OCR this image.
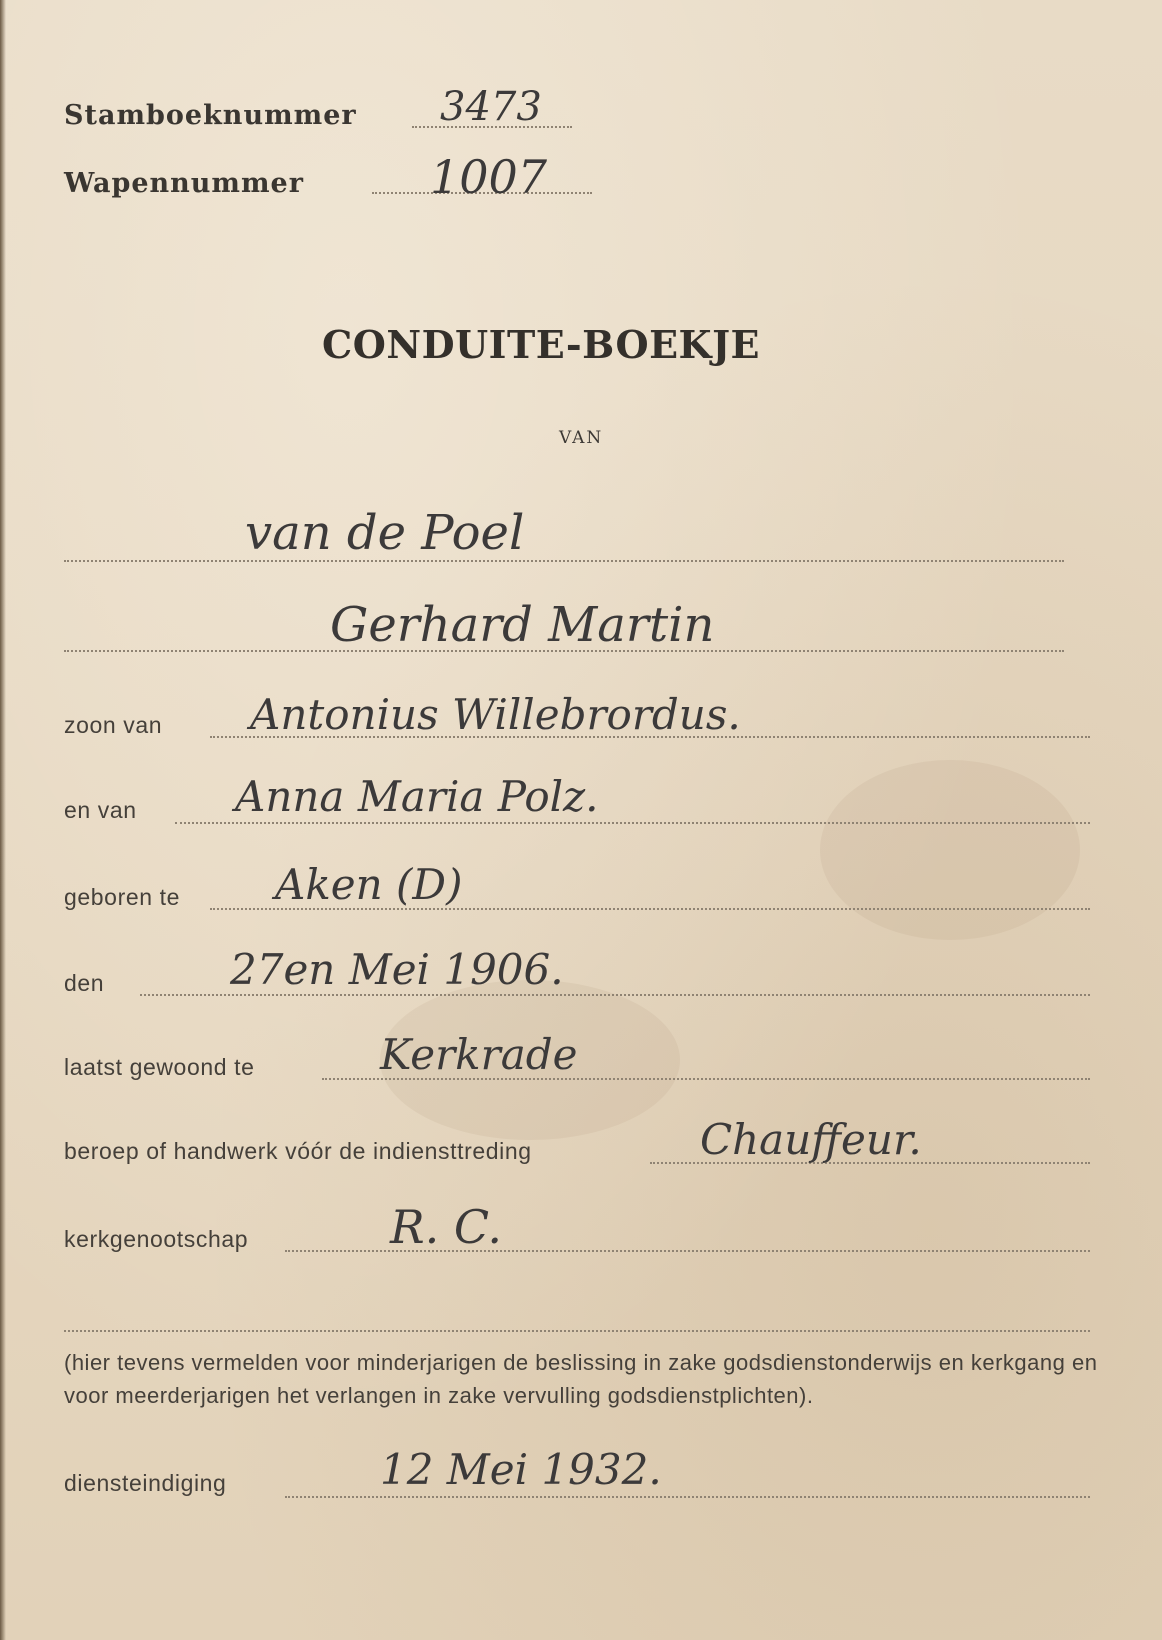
Stamboeknummer 3473
Wapennummer	1007
CONDUITE-BOEKJE
VAN
van de Poel
Gerhard Martin
zoon van Antonius Willebrordus.
en van Anna Maria Polz.
geboren te Aken (D)
den	27en Mei 1906.
laatst gewoond te	Kerkrade
beroep of handwerk vóór de indiensttreding	Chauffeur.
kerkgenootschap	R. C.
(hier tevens vermelden voor minderjarigen de beslissing in zake godsdienstonderwijs en kerkgang en voor meerderjarigen het verlangen in zake vervulling godsdienstplichten).
diensteindiging	12 Mei 1932.
